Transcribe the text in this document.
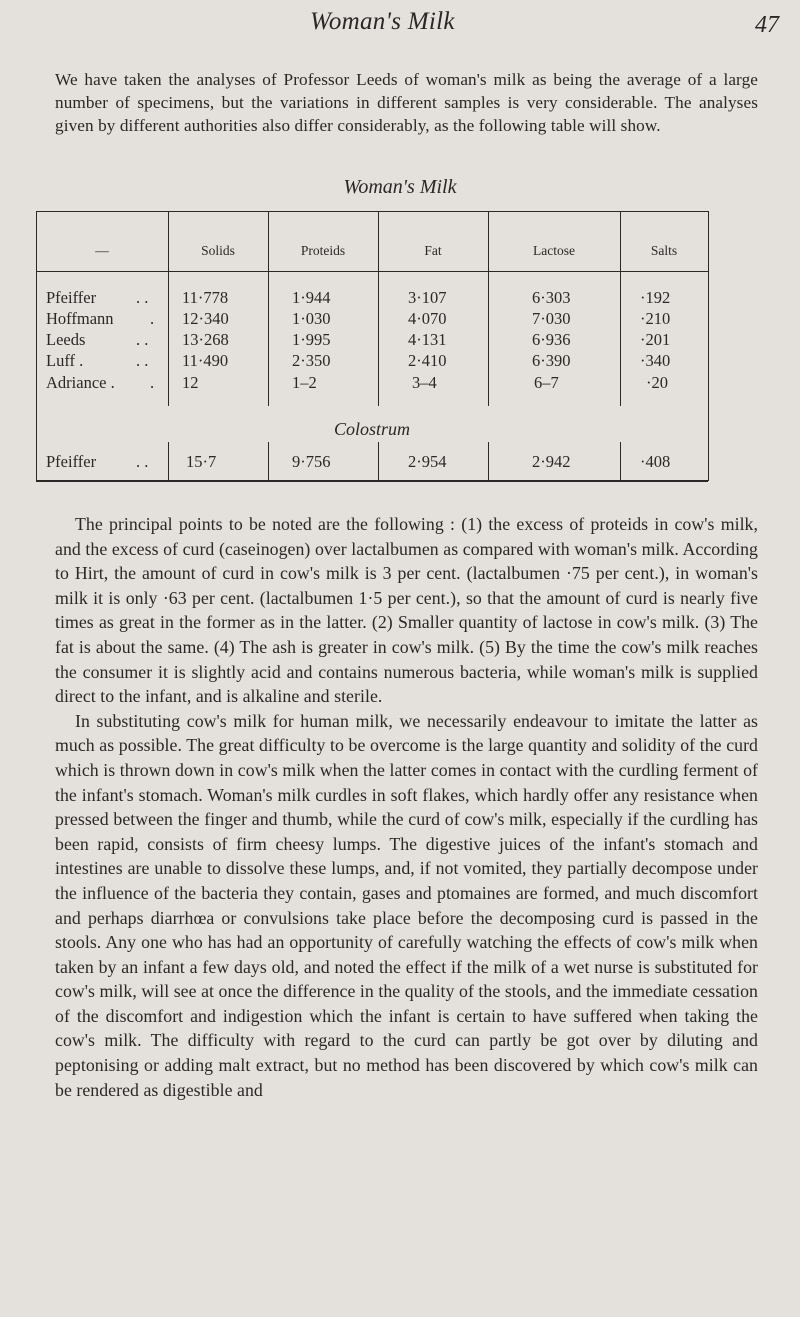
Woman's Milk	47
We have taken the analyses of Professor Leeds of woman's milk as being the average of a large number of specimens, but the variations in different samples is very considerable. The analyses given by different authorities also differ considerably, as the following table will show.
Woman's Milk
—	Solids	Proteids	Fat	Lactose	Salts
Pfeiffer . . 11·778	1·944	3·107	6·303	·192
Hoffmann . 12·340	1·030	4·070	7·030	·210
Leeds	. . 13·268	1·995	4·131	6·936	·201
Luff .	. . 11·490	2·350	2·410	6·390	·340
Adriance . . 12	1–2	3–4	6–7	·20
Colostrum
Pfeiffer . . 15·7	9·756	2·954	2·942	·408

The principal points to be noted are the following : (1) the excess of proteids in cow's milk, and the excess of curd (caseinogen) over lactalbumen as compared with woman's milk. According to Hirt, the amount of curd in cow's milk is 3 per cent. (lactalbumen ·75 per cent.), in woman's milk it is only ·63 per cent. (lactalbumen 1·5 per cent.), so that the amount of curd is nearly five times as great in the former as in the latter. (2) Smaller quantity of lactose in cow's milk. (3) The fat is about the same. (4) The ash is greater in cow's milk. (5) By the time the cow's milk reaches the consumer it is slightly acid and contains numerous bacteria, while woman's milk is supplied direct to the infant, and is alkaline and sterile.

In substituting cow's milk for human milk, we necessarily endeavour to imitate the latter as much as possible. The great difficulty to be overcome is the large quantity and solidity of the curd which is thrown down in cow's milk when the latter comes in contact with the curdling ferment of the infant's stomach. Woman's milk curdles in soft flakes, which hardly offer any resistance when pressed between the finger and thumb, while the curd of cow's milk, especially if the curdling has been rapid, consists of firm cheesy lumps. The digestive juices of the infant's stomach and intestines are unable to dissolve these lumps, and, if not vomited, they partially decompose under the influence of the bacteria they contain, gases and ptomaines are formed, and much discomfort and perhaps diarrhœa or convulsions take place before the decomposing curd is passed in the stools. Any one who has had an opportunity of carefully watching the effects of cow's milk when taken by an infant a few days old, and noted the effect if the milk of a wet nurse is substituted for cow's milk, will see at once the difference in the quality of the stools, and the immediate cessation of the discomfort and indigestion which the infant is certain to have suffered when taking the cow's milk. The difficulty with regard to the curd can partly be got over by diluting and peptonising or adding malt extract, but no method has been discovered by which cow's milk can be rendered as digestible and
